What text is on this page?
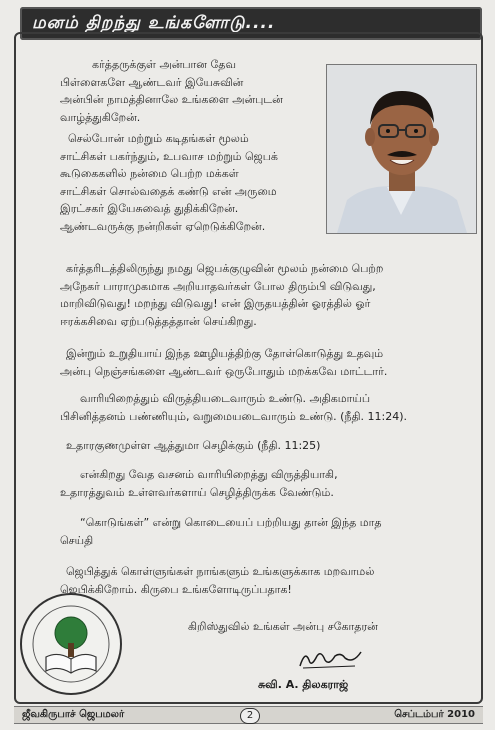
மனம் திறந்து உங்களோடு....
கர்த்தருக்குள் அன்பான தேவ
பிள்ளைகளே ஆண்டவர் இயேசுவின்
அன்பின் நாமத்தினாலே உங்களை அன்புடன்
வாழ்த்துகிறேன்.
செல்போன் மற்றும் கடிதங்கள் மூலம்
சாட்சிகள் பகர்ந்தும், உபவாச மற்றும் ஜெபக்
கூடுகைகளில் நன்மை பெற்ற மக்கள்
சாட்சிகள் சொல்வதைக் கண்டு என் அருமை
இரட்சகர் இயேசுவைத் துதிக்கிறேன்.
ஆண்டவருக்கு நன்றிகள் ஏறெடுக்கிறேன்.
கர்த்தரிடத்திலிருந்து நமது ஜெபக்குழுவின் மூலம் நன்மை பெற்ற
அநேகர் பாராமுகமாக அறியாதவர்கள் போல திரும்பி விடுவது,
மாறிவிடுவது! மறந்து விடுவது! என் இருதயத்தின் ஓரத்தில் ஓர்
ஈரக்கசிவை ஏற்படுத்தத்தான் செய்கிறது.
இன்றும் உறுதியாய் இந்த ஊழியத்திற்கு தோள்கொடுத்து உதவும்
அன்பு நெஞ்சங்களை ஆண்டவர் ஒருபோதும் மறக்கவே மாட்டார்.
வாரியிறைத்தும் விருத்தியடைவாரும் உண்டு. அதிகமாய்ப்
பிசினித்தனம் பண்ணியும், வறுமையடைவாரும் உண்டு. (நீதி. 11:24).
உதாரகுணமுள்ள ஆத்துமா செழிக்கும் (நீதி. 11:25)
என்கிறது வேத வசனம் வாரியிறைத்து விருத்தியாகி,
உதாரத்துவம் உள்ளவர்களாய் செழித்திருக்க வேண்டும்.
“கொடுங்கள்” என்று கொடையைப் பற்றியது தான் இந்த மாத
செய்தி
ஜெபித்துக் கொள்ளுங்கள் நாங்களும் உங்களுக்காக மறவாமல்
ஜெபிக்கிறோம். கிருபை உங்களோடிருப்பதாக!
கிறிஸ்துவில் உங்கள் அன்பு சகோதரன்
சுவி. A. திலகராஜ்
ஜீவகிருபாச் ஜெபமலர்	2	செப்டம்பர் 2010
